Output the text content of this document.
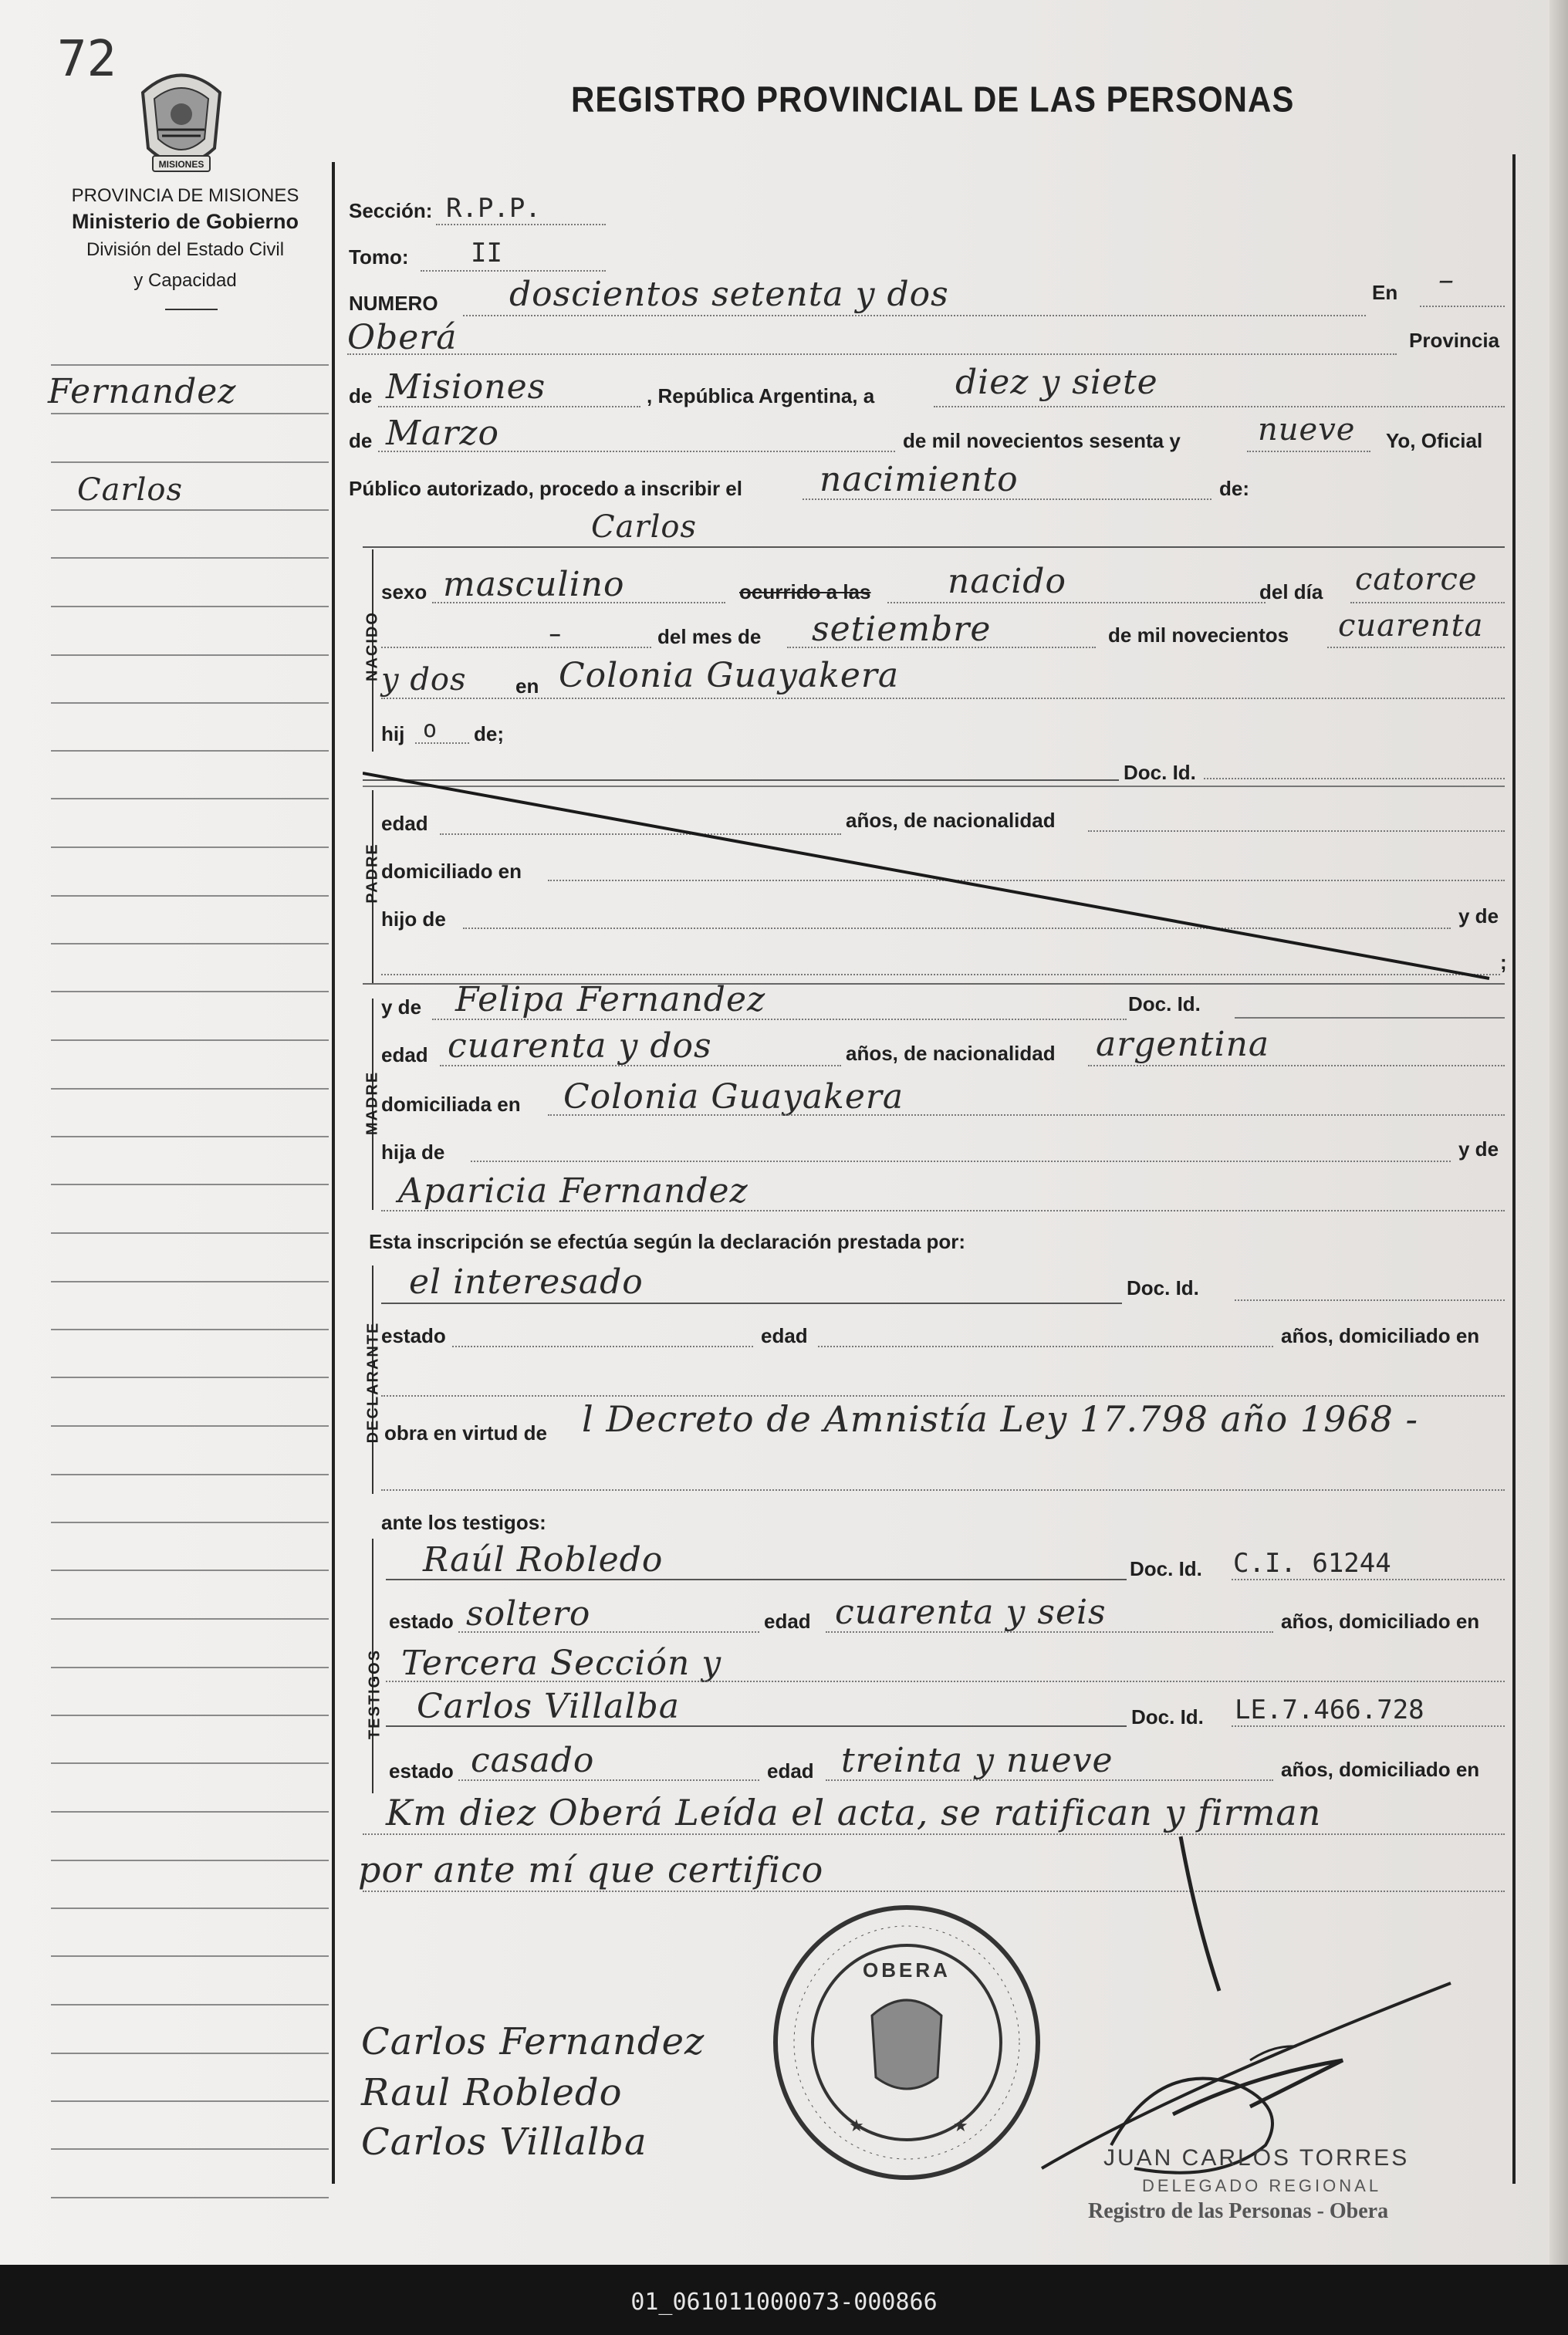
72
MISIONES
PROVINCIA DE MISIONES
Ministerio de Gobierno
División del Estado Civil
y Capacidad
REGISTRO PROVINCIAL DE LAS PERSONAS
Fernandez
Carlos
Sección: R.P.P.
Tomo: II
NUMERO doscientos setenta y dos	En –
Oberá	Provincia
de Misiones	, República Argentina, a diez y siete
de Marzo	de mil novecientos sesenta y	nueve Yo, Oficial
Público autorizado, procedo a inscribir el nacimiento	de:
Carlos
NACIDO
sexo masculino	ocurrido a las nacido	del día catorce
–	del mes de setiembre	de mil novecientos cuarenta
y dos en Colonia Guayakera
hij o de;
Doc. Id.
PADRE
edad	años, de nacionalidad
domiciliado en
hijo de	y de
;
MADRE
y de Felipa Fernandez	Doc. Id.
edad cuarenta y dos	años, de nacionalidad argentina
domiciliada en Colonia Guayakera
hija de	y de
Aparicia Fernandez
Esta inscripción se efectúa según la declaración prestada por:
DECLARANTE
el interesado	Doc. Id.
estado	edad	años, domiciliado en
obra en virtud de l Decreto de Amnistía Ley 17.798 año 1968 -
ante los testigos:
TESTIGOS
Raúl Robledo	Doc. Id. C.I. 61244
estado soltero	edad cuarenta y seis	años, domiciliado en
Tercera Sección y
Carlos Villalba	Doc. Id. LE.7.466.728
estado casado	edad treinta y nueve	años, domiciliado en
Km diez Oberá Leída el acta, se ratifican y firman
por ante mí que certifico
OBERA
★	★
Carlos Fernandez
Raul Robledo
Carlos Villalba	JUAN CARLOS TORRES
DELEGADO REGIONAL
Registro de las Personas - Obera
01_061011000073-000866
